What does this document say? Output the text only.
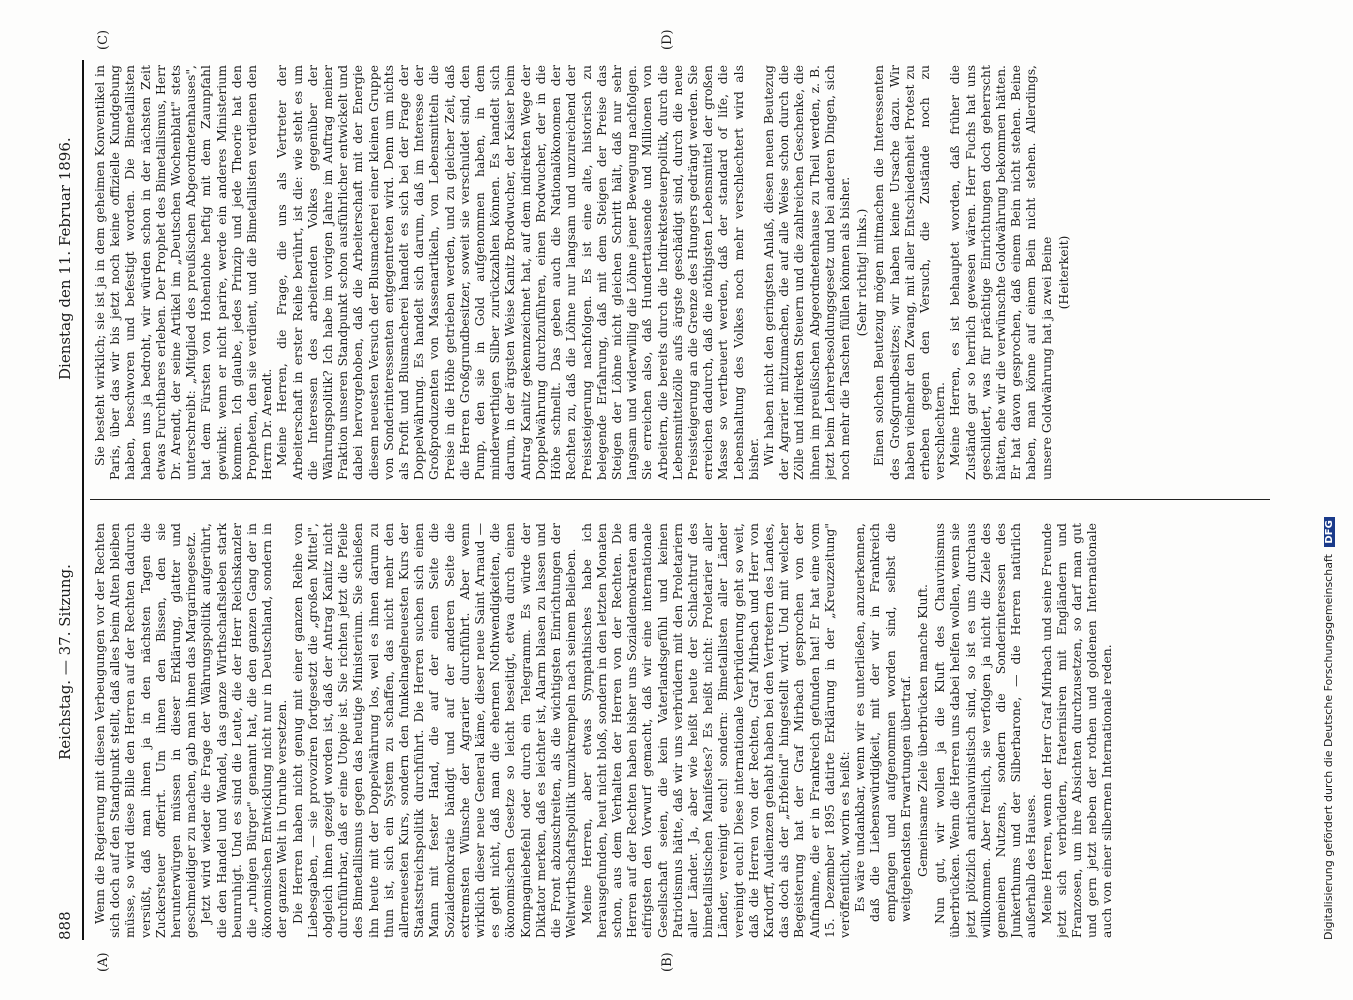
888
Reichstag. — 37. Sitzung.
Dienstag den 11. Februar 1896.
(A)	(B)
(C)	(D)

Wenn die Regierung mit diesen Verbeugungen vor der Rechten sich doch auf den Standpunkt stellt, daß alles beim Alten bleiben müsse, so wird diese Bille den Herren auf der Rechten dadurch versüßt, daß man ihnen ja in den nächsten Tagen die Zuckersteuer offerirt. Um ihnen den Bissen, den sie herunterwürgen müssen in dieser Erklärung, glatter und geschmeidiger zu machen, gab man ihnen das Margarinegesetz. Jetzt wird wieder die Frage der Währungspolitik aufgerührt, die den Handel und Wandel, das ganze Wirthschaftsleben stark beunruhigt. Und es sind die Leute, die der Herr Reichskanzler die „ruhigen Bürger" genannt hat, die den ganzen Gang der in ökonomischen Entwicklung nicht nur in Deutschland, sondern in der ganzen Welt in Unruhe versetzen. Die Herren haben nicht genug mit einer ganzen Reihe von Liebesgaben, — sie provoziren fortgesetzt die „großen Mittel", obgleich ihnen gezeigt worden ist, daß der Antrag Kanitz nicht durchführbar, daß er eine Utopie ist. Sie richten jetzt die Pfeile des Bimetallismus gegen das heutige Ministerium. Sie schießen ihn heute mit der Doppelwährung los, weil es ihnen darum zu thun ist, sich ein System zu schaffen, das nicht mehr den allerneuesten Kurs, sondern den funkelnagelneuesten Kurs der Staatsstreichspolitik durchführt. Die Herren suchen sich einen Mann mit fester Hand, die auf der einen Seite die Sozialdemokratie bändigt und auf der anderen Seite die extremsten Wünsche der Agrarier durchführt. Aber wenn wirklich dieser neue General käme, dieser neue Saint Arnaud — es geht nicht, daß man die ehernen Nothwendigkeiten, die ökonomischen Gesetze so leicht beseitigt, etwa durch einen Kompagniebefehl oder durch ein Telegramm. Es würde der Diktator merken, daß es leichter ist, Alarm blasen zu lassen und die Front abzuschreiten, als die wichtigsten Einrichtungen der Weltwirthschaftspolitik umzukrempeln nach seinem Belieben. Meine Herren, aber etwas Sympathisches habe ich herausgefunden, heut nicht bloß, sondern in den letzten Monaten schon, aus dem Verhalten der Herren von der Rechten. Die Herren auf der Rechten haben bisher uns Sozialdemokraten am eifrigsten den Vorwurf gemacht, daß wir eine internationale Gesellschaft seien, die kein Vaterlandsgefühl und keinen Patriotismus hätte, daß wir uns verbrüdern mit den Proletariern aller Länder. Ja, aber wie heißt heute der Schlachtruf des bimetallistischen Manifestes? Es heißt nicht: Proletarier aller Länder, vereinigt euch! sondern: Bimetallisten aller Länder vereinigt euch! Diese internationale Verbrüderung geht so weit, daß die Herren von der Rechten, Graf Mirbach und Herr von Kardorff, Audienzen gehabt haben bei den Vertretern des Landes, das doch als der „Erbfeind" hingestellt wird. Und mit welcher Begeisterung hat der Graf Mirbach gesprochen von der Aufnahme, die er in Frankreich gefunden hat! Er hat eine vom 15. Dezember 1895 datirte Erklärung in der „Kreuzzeitung" veröffentlicht, worin es heißt: Es wäre undankbar, wenn wir es unterließen, anzuerkennen, daß die Liebenswürdigkeit, mit der wir in Frankreich empfangen und aufgenommen worden sind, selbst die weitgehendsten Erwartungen übertraf. Gemeinsame Ziele überbrücken manche Kluft. Nun gut, wir wollen ja die Kluft des Chauvinismus überbrücken. Wenn die Herren uns dabei helfen wollen, wenn sie jetzt plötzlich antichauvinistisch sind, so ist es uns durchaus willkommen. Aber freilich, sie verfolgen ja nicht die Ziele des gemeinen Nutzens, sondern die Sonderinteressen des Junkerthums und der Silberbarone, — die Herren natürlich außerhalb des Hauses. Meine Herren, wenn der Herr Graf Mirbach und seine Freunde jetzt sich verbrüdern, fraternisiren mit Engländern und Franzosen, um ihre Absichten durchzusetzen, so darf man gut und gern jetzt neben der rothen und goldenen Internationale auch von einer silbernen Internationale reden.

Sie besteht wirklich; sie ist ja in dem geheimen Konventikel in Paris, über das wir bis jetzt noch keine offizielle Kundgebung haben, beschworen und befestigt worden. Die Bimetallisten haben uns ja bedroht, wir würden schon in der nächsten Zeit etwas Furchtbares erleben. Der Prophet des Bimetallismus, Herr Dr. Arendt, der seine Artikel im „Deutschen Wochenblatt" stets unterschreibt: „Mitglied des preußischen Abgeordnetenhauses", hat dem Fürsten von Hohenlohe heftig mit dem Zaunpfahl gewinkt: wenn er nicht parire, werde ein anderes Ministerium kommen. Ich glaube, jedes Prinzip und jede Theorie hat den Propheten, den sie verdient, und die Bimetallisten verdienen den Herrn Dr. Arendt. Meine Herren, die Frage, die uns als Vertreter der Arbeiterschaft in erster Reihe berührt, ist die: wie steht es um die Interessen des arbeitenden Volkes gegenüber der Währungspolitik? Ich habe im vorigen Jahre im Auftrag meiner Fraktion unseren Standpunkt schon ausführlicher entwickelt und dabei hervorgehoben, daß die Arbeiterschaft mit der Energie diesem neuesten Versuch der Blusmacherei einer kleinen Gruppe von Sonderinteressenten entgegentreten wird. Denn um nichts als Profit und Blusmacherei handelt es sich bei der Frage der Doppelwährung. Es handelt sich darum, daß im Interesse der Großproduzenten von Massenartikeln, von Lebensmitteln die Preise in die Höhe getrieben werden, und zu gleicher Zeit, daß die Herren Großgrundbesitzer, soweit sie verschuldet sind, den Pump, den sie in Gold aufgenommen haben, in dem minderwerthigen Silber zurückzahlen können. Es handelt sich darum, in der ärgsten Weise Kanitz Brodwucher, der Kaiser beim Antrag Kanitz gekennzeichnet hat, auf dem indirekten Wege der Doppelwährung durchzuführen, einen Brodwucher, der in die Höhe schnellt. Das geben auch die Nationalökonomen der Rechten zu, daß die Löhne nur langsam und unzureichend der Preissteigerung nachfolgen. Es ist eine alte, historisch zu belegende Erfahrung, daß mit dem Steigen der Preise das Steigen der Löhne nicht gleichen Schritt hält, daß nur sehr langsam und widerwillig die Löhne jener Bewegung nachfolgen. Sie erreichen also, daß Hunderttausende und Millionen von Arbeitern, die bereits durch die Indirektesteuerpolitik, durch die Lebensmittelzölle aufs ärgste geschädigt sind, durch die neue Preissteigerung an die Grenze des Hungers gedrängt werden. Sie erreichen dadurch, daß die nöthigsten Lebensmittel der großen Masse so vertheuert werden, daß der standard of life, die Lebenshaltung des Volkes noch mehr verschlechtert wird als bisher. Wir haben nicht den geringsten Anlaß, diesen neuen Beutezug der Agrarier mitzumachen, die auf alle Weise schon durch die Zölle und indirekten Steuern und die zahlreichen Geschenke, die ihnen im preußischen Abgeordnetenhause zu Theil werden, z. B. jetzt beim Lehrerbesoldungsgesetz und bei anderen Dingen, sich noch mehr die Taschen füllen können als bisher. (Sehr richtig! links.) Einen solchen Beutezug mögen mitmachen die Interessenten des Großgrundbesitzes; wir haben keine Ursache dazu. Wir haben vielmehr den Zwang, mit aller Entschiedenheit Protest zu erheben gegen den Versuch, die Zustände noch zu verschlechtern. Meine Herren, es ist behauptet worden, daß früher die Zustände gar so herrlich gewesen wären. Herr Fuchs hat uns geschildert, was für prächtige Einrichtungen doch geherrscht hätten, ehe wir die verwünschte Goldwährung bekommen hätten. Er hat davon gesprochen, daß einem Bein nicht stehen. Beine haben, man könne auf einem Bein nicht stehen. Allerdings, unsere Goldwährung hat ja zwei Beine (Heiterkeit)

Digitalisierung gefördert durch die Deutsche Forschungsgemeinschaft DFG
